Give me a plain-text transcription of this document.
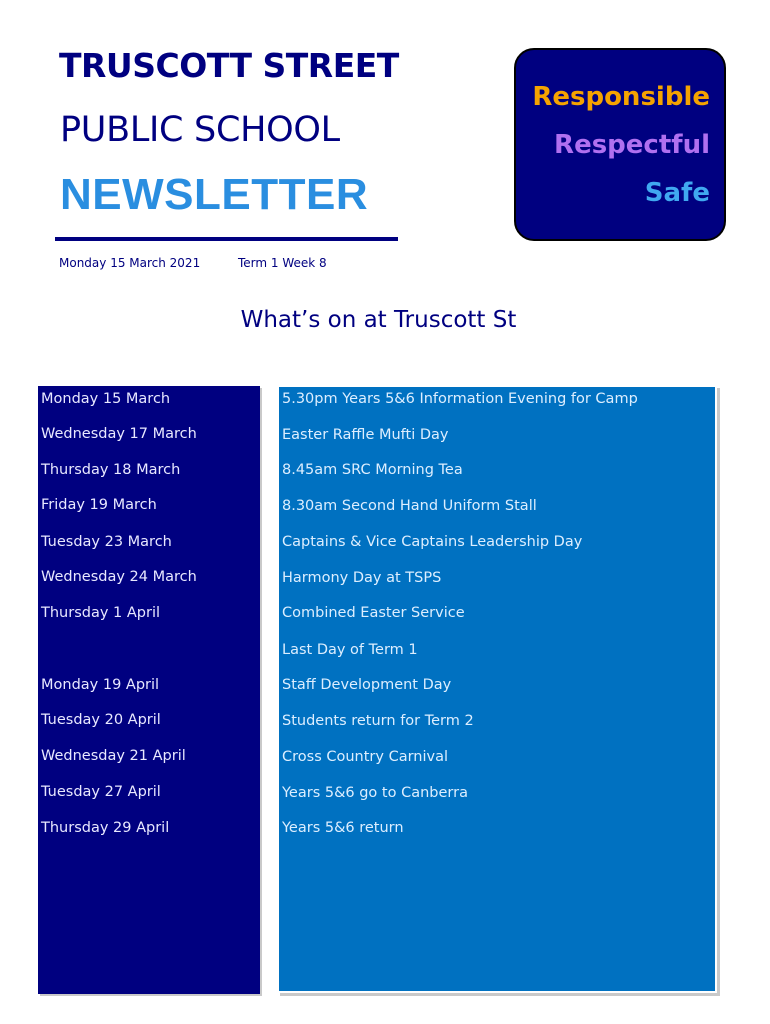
TRUSCOTT STREET
PUBLIC SCHOOL
NEWSLETTER
Monday 15 March 2021	Term 1 Week 8
Responsible
Respectful
Safe
What’s on at Truscott St
Monday 15 March
Wednesday 17 March
Thursday 18 March
Friday 19 March
Tuesday 23 March
Wednesday 24 March
Thursday 1 April
Monday 19 April
Tuesday 20 April
Wednesday 21 April
Tuesday 27 April
Thursday 29 April
5.30pm Years 5&6 Information Evening for Camp
Easter Raffle Mufti Day
8.45am SRC Morning Tea
8.30am Second Hand Uniform Stall
Captains & Vice Captains Leadership Day
Harmony Day at TSPS
Combined Easter Service
Last Day of Term 1
Staff Development Day
Students return for Term 2
Cross Country Carnival
Years 5&6 go to Canberra
Years 5&6 return
